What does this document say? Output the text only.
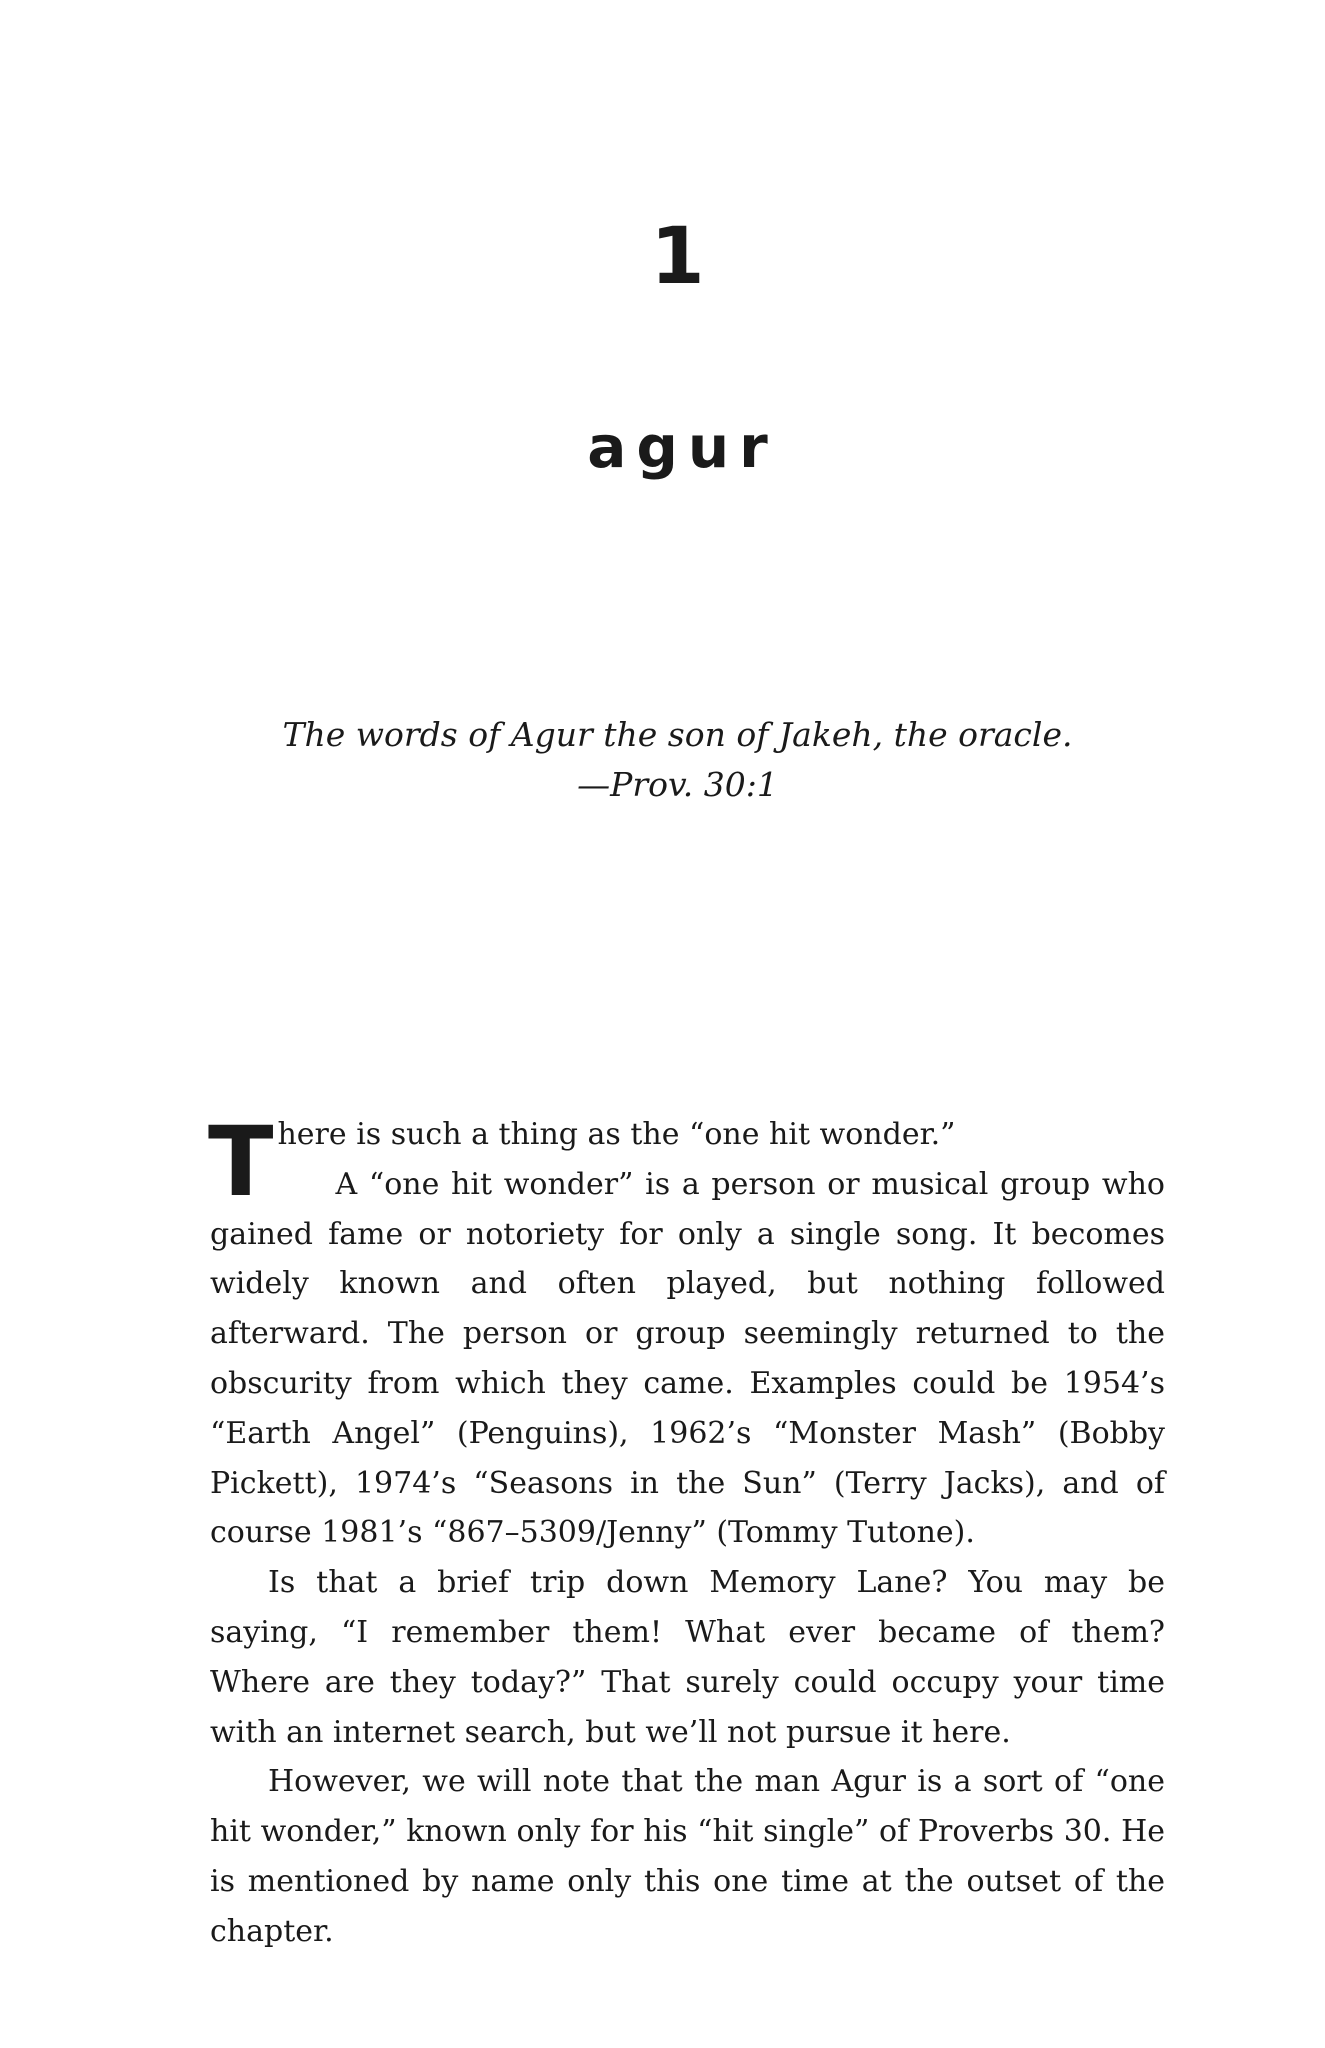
1
agur

The words of Agur the son of Jakeh, the oracle.

—Prov. 30:1

T here is such a thing as the “one hit wonder.”

A “one hit wonder” is a person or musical group who gained fame or notoriety for only a single song. It becomes widely known and often played, but nothing followed afterward. The person or group seemingly returned to the obscurity from which they came. Examples could be 1954’s “Earth Angel” (Penguins), 1962’s “Monster Mash” (Bobby Pickett), 1974’s “Seasons in the Sun” (Terry Jacks), and of course 1981’s “867–5309/Jenny” (Tommy Tutone).

Is that a brief trip down Memory Lane? You may be saying, “I remember them! What ever became of them? Where are they today?” That surely could occupy your time with an internet search, but we’ll not pursue it here.

However, we will note that the man Agur is a sort of “one hit wonder,” known only for his “hit single” of Proverbs 30. He is mentioned by name only this one time at the outset of the chapter.
